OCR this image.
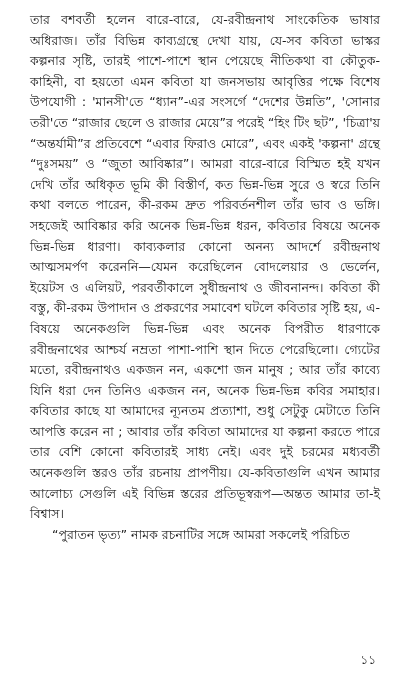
তার বশবর্তী হলেন বারে-বারে, যে-রবীন্দ্রনাথ সাংকেতিক ভাষার অধিরাজ। তাঁর বিভিন্ন কাব্যগ্রন্থে দেখা যায়, যে-সব কবিতা ভাস্কর কল্পনার সৃষ্টি, তারই পাশে-পাশে স্থান পেয়েছে নীতিকথা বা কৌতুক-কাহিনী, বা হয়তো এমন কবিতা যা জনসভায় আবৃত্তির পক্ষে বিশেষ উপযোগী : 'মানসী'তে “ধ্যান”-এর সংসর্গে “দেশের উন্নতি”, 'সোনার তরী'তে “রাজার ছেলে ও রাজার মেয়ে”র পরেই “হিং টিং ছট”, 'চিত্রা'য় “অন্তর্যামী”র প্রতিবেশে “এবার ফিরাও মোরে”, এবং একই 'কল্পনা' গ্রন্থে “দুঃসময়” ও “জুতা আবিষ্কার”। আমরা বারে-বারে বিস্মিত হই যখন দেখি তাঁর অধিকৃত ভূমি কী বিস্তীর্ণ, কত ভিন্ন-ভিন্ন সুরে ও স্বরে তিনি কথা বলতে পারেন, কী-রকম দ্রুত পরিবর্তনশীল তাঁর ভাব ও ভঙ্গি। সহজেই আবিষ্কার করি অনেক ভিন্ন-ভিন্ন ধরন, কবিতার বিষয়ে অনেক ভিন্ন-ভিন্ন ধারণা। কাব্যকলার কোনো অনন্য আদর্শে রবীন্দ্রনাথ আত্মসমর্পণ করেননি—যেমন করেছিলেন বোদলেয়ার ও ভের্লেন, ইয়েটস ও এলিয়ট, পরবর্তীকালে সুধীন্দ্রনাথ ও জীবনানন্দ। কবিতা কী বস্তু, কী-রকম উপাদান ও প্রকরণের সমাবেশ ঘটলে কবিতার সৃষ্টি হয়, এ-বিষয়ে অনেকগুলি ভিন্ন-ভিন্ন এবং অনেক বিপরীত ধারণাকে রবীন্দ্রনাথের আশ্চর্য নম্রতা পাশা-পাশি স্থান দিতে পেরেছিলো। গ্যেটের মতো, রবীন্দ্রনাথও একজন নন, একশো জন মানুষ ; আর তাঁর কাব্যে যিনি ধরা দেন তিনিও একজন নন, অনেক ভিন্ন-ভিন্ন কবির সমাহার। কবিতার কাছে যা আমাদের ন্যূনতম প্রত্যাশা, শুধু সেটুকু মেটাতে তিনি আপত্তি করেন না ; আবার তাঁর কবিতা আমাদের যা কল্পনা করতে পারে তার বেশি কোনো কবিতারই সাধ্য নেই। এবং দুই চরমের মধ্যবর্তী অনেকগুলি স্তরও তাঁর রচনায় প্রাপণীয়। যে-কবিতাগুলি এখন আমার আলোচ্য সেগুলি এই বিভিন্ন স্তরের প্রতিভূস্বরূপ—অন্তত আমার তা-ই বিশ্বাস।

“পুরাতন ভৃত্য” নামক রচনাটির সঙ্গে আমরা সকলেই পরিচিত

১১
